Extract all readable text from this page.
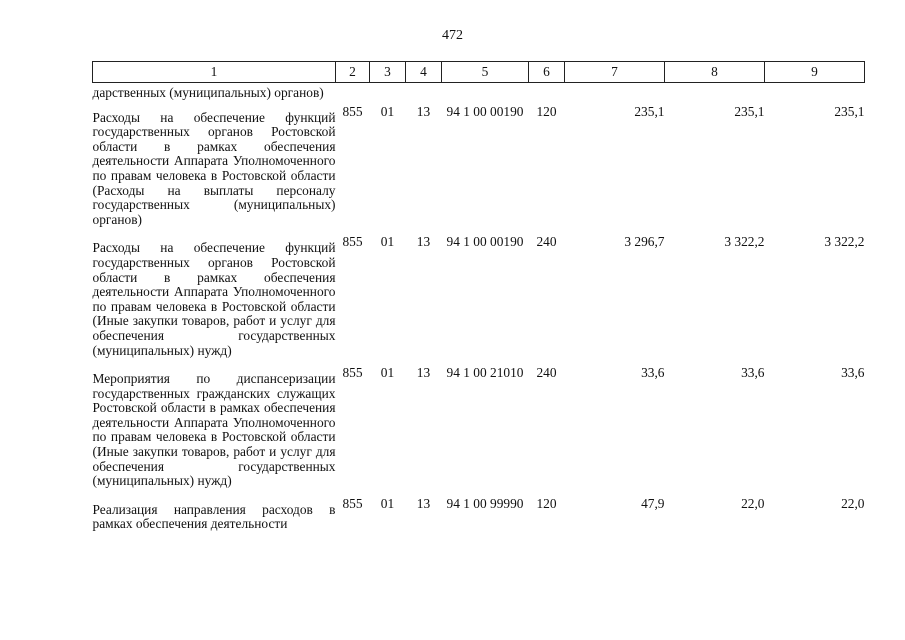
472
1	2	3	4	5	6	7	8	9
дарственных (муниципальных) органов)								
Расходы на обеспечение функций государственных органов Ростовской области в рамках обеспечения деятельности Аппарата Уполномоченного по правам человека в Ростовской области (Расходы на выплаты персоналу государственных (муниципальных) органов)	855	01	13	94 1 00 00190	120	235,1	235,1	235,1
Расходы на обеспечение функций государственных органов Ростовской области в рамках обеспечения деятельности Аппарата Уполномоченного по правам человека в Ростовской области (Иные закупки товаров, работ и услуг для обеспечения государственных (муниципальных) нужд)	855	01	13	94 1 00 00190	240	3 296,7	3 322,2	3 322,2
Мероприятия по диспансеризации государственных гражданских служащих Ростовской области в рамках обеспечения деятельности Аппарата Уполномоченного по правам человека в Ростовской области (Иные закупки товаров, работ и услуг для обеспечения государственных (муниципальных) нужд)	855	01	13	94 1 00 21010	240	33,6	33,6	33,6
Реализация направления расходов в рамках обеспечения деятельности	855	01	13	94 1 00 99990	120	47,9	22,0	22,0
